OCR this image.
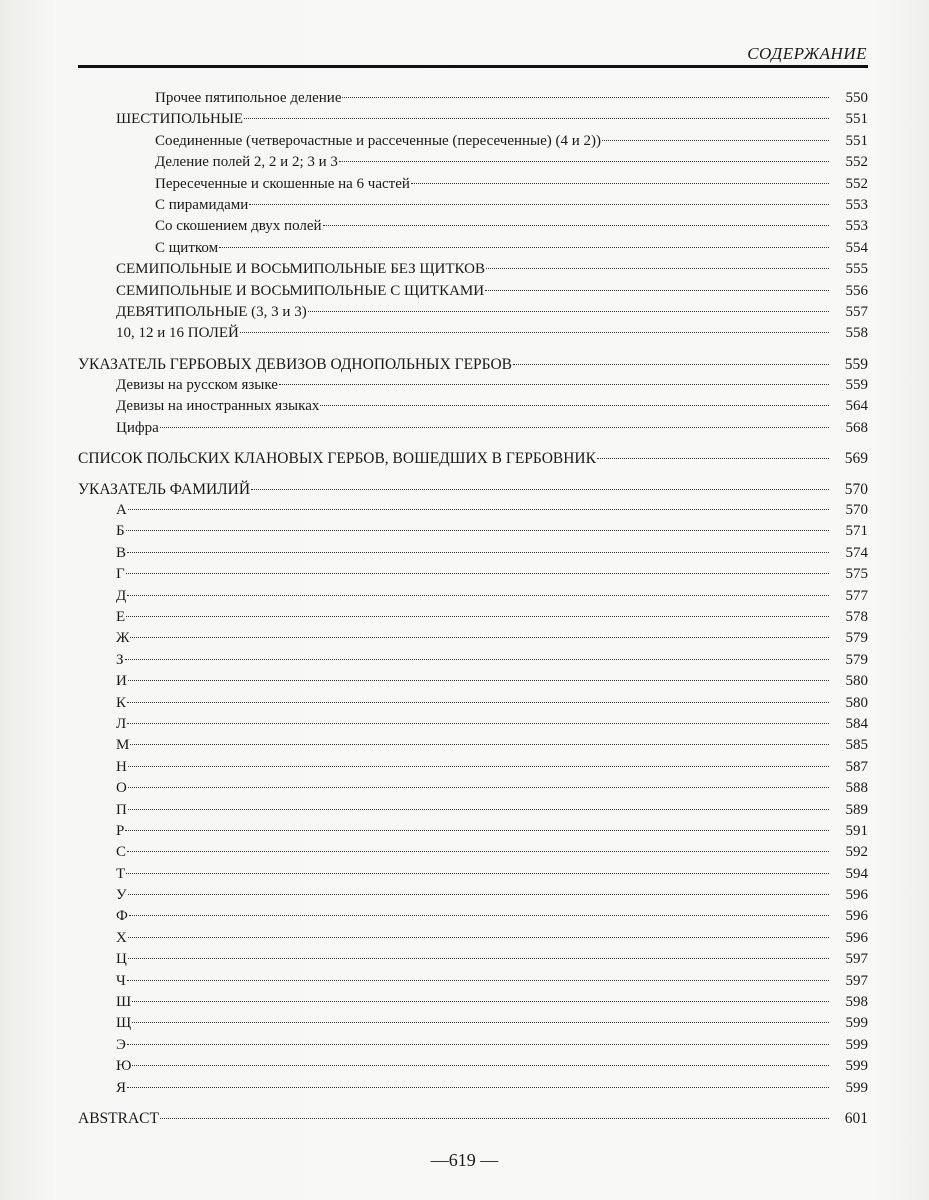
СОДЕРЖАНИЕ
Прочее пятипольное деление	550
ШЕСТИПОЛЬНЫЕ	551
Соединенные (четверочастные и рассеченные (пересеченные) (4 и 2))	551
Деление полей 2, 2 и 2; 3 и 3	552
Пересеченные и скошенные на 6 частей	552
С пирамидами	553
Со скошением двух полей	553
С щитком	554
СЕМИПОЛЬНЫЕ И ВОСЬМИПОЛЬНЫЕ БЕЗ ЩИТКОВ	555
СЕМИПОЛЬНЫЕ И ВОСЬМИПОЛЬНЫЕ С ЩИТКАМИ	556
ДЕВЯТИПОЛЬНЫЕ (3, 3 и 3)	557
10, 12 и 16 ПОЛЕЙ	558
УКАЗАТЕЛЬ ГЕРБОВЫХ ДЕВИЗОВ ОДНОПОЛЬНЫХ ГЕРБОВ	559
Девизы на русском языке	559
Девизы на иностранных языках	564
Цифра	568
СПИСОК ПОЛЬСКИХ КЛАНОВЫХ ГЕРБОВ, ВОШЕДШИХ В ГЕРБОВНИК	569
УКАЗАТЕЛЬ ФАМИЛИЙ	570
А	570
Б	571
В	574
Г	575
Д	577
Е	578
Ж	579
З	579
И	580
К	580
Л	584
М	585
Н	587
О	588
П	589
Р	591
С	592
Т	594
У	596
Ф	596
Х	596
Ц	597
Ч	597
Ш	598
Щ	599
Э	599
Ю	599
Я	599
ABSTRACT	601
—619 —
